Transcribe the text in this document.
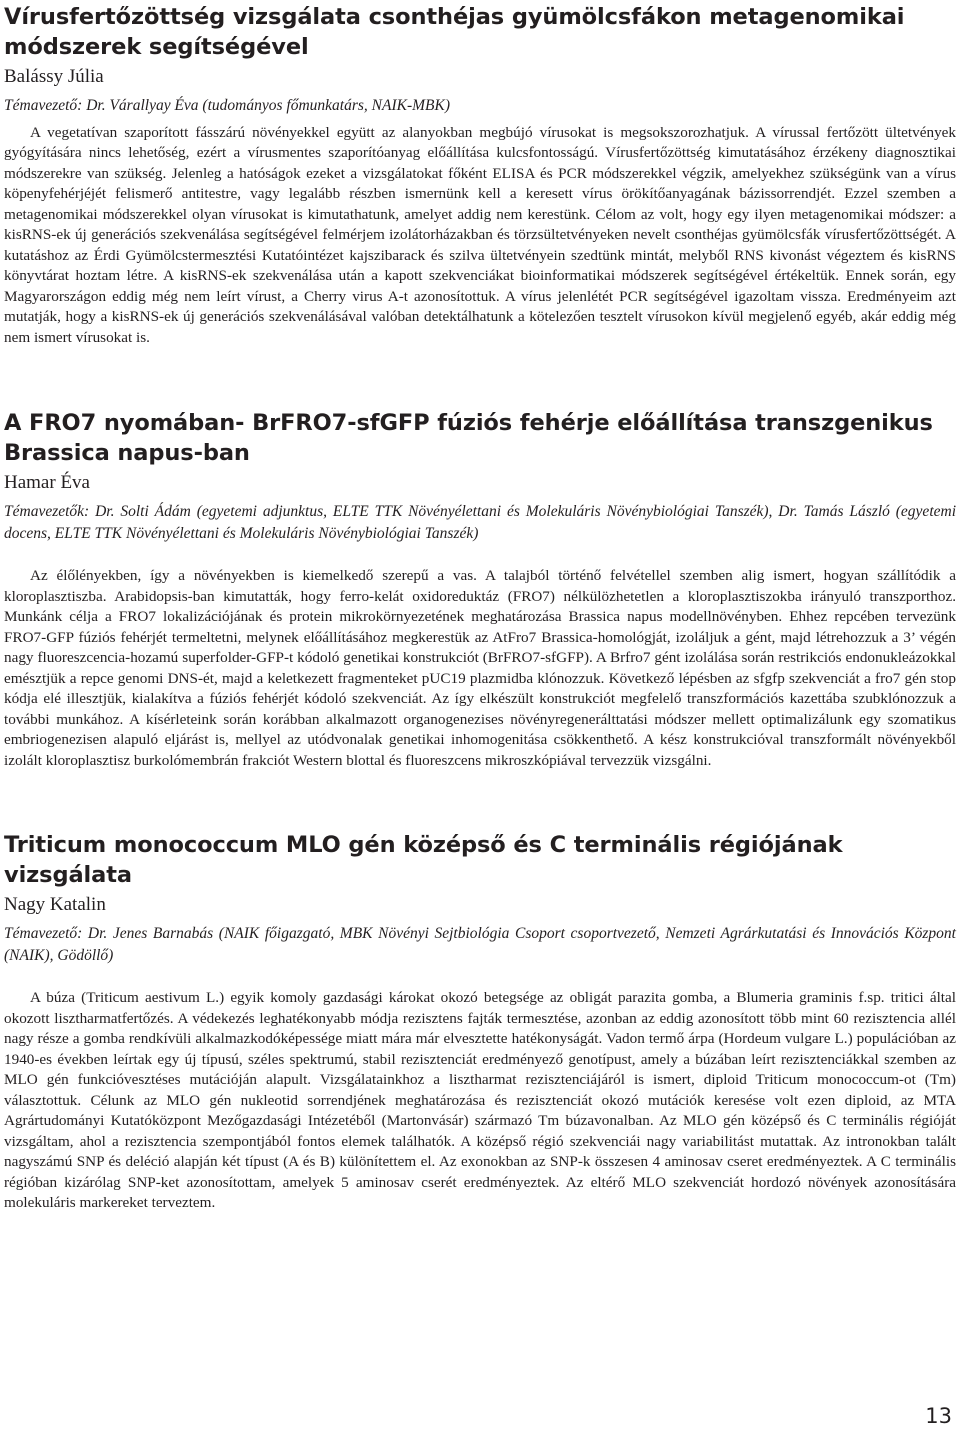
Vírusfertőzöttség vizsgálata csonthéjas gyümölcsfákon metagenomikai módszerek segítségével

Balássy Júlia

Témavezető: Dr. Várallyay Éva (tudományos főmunkatárs, NAIK-MBK)

A vegetatívan szaporított fásszárú növényekkel együtt az alanyokban megbújó vírusokat is megsokszorozhatjuk. A vírussal fertőzött ültetvények gyógyítására nincs lehetőség, ezért a vírusmentes szaporítóanyag előállítása kulcsfontosságú. Vírusfertőzöttség kimutatásához érzékeny diagnosztikai módszerekre van szükség. Jelenleg a hatóságok ezeket a vizsgálatokat főként ELISA és PCR módszerekkel végzik, amelyekhez szükségünk van a vírus köpenyfehérjéjét felismerő antitestre, vagy legalább részben ismernünk kell a keresett vírus örökítőanyagának bázissorrendjét. Ezzel szemben a metagenomikai módszerekkel olyan vírusokat is kimutathatunk, amelyet addig nem kerestünk. Célom az volt, hogy egy ilyen metagenomikai módszer: a kisRNS-ek új generációs szekvenálása segítségével felmérjem izolátorházakban és törzsültetvényeken nevelt csonthéjas gyümölcsfák vírusfertőzöttségét. A kutatáshoz az Érdi Gyümölcstermesztési Kutatóintézet kajszibarack és szilva ültetvényein szedtünk mintát, melyből RNS kivonást végeztem és kisRNS könyvtárat hoztam létre. A kisRNS-ek szekvenálása után a kapott szekvenciákat bioinformatikai módszerek segítségével értékeltük. Ennek során, egy Magyarországon eddig még nem leírt vírust, a Cherry virus A-t azonosítottuk. A vírus jelenlétét PCR segítségével igazoltam vissza. Eredményeim azt mutatják, hogy a kisRNS-ek új generációs szekvenálásával valóban detektálhatunk a kötelezően tesztelt vírusokon kívül megjelenő egyéb, akár eddig még nem ismert vírusokat is.

A FRO7 nyomában- BrFRO7-sfGFP fúziós fehérje előállítása transzgenikus Brassica napus-ban

Hamar Éva

Témavezetők: Dr. Solti Ádám (egyetemi adjunktus, ELTE TTK Növényélettani és Molekuláris Növénybiológiai Tanszék), Dr. Tamás László (egyetemi docens, ELTE TTK Növényélettani és Molekuláris Növénybiológiai Tanszék)

Az élőlényekben, így a növényekben is kiemelkedő szerepű a vas. A talajból történő felvétellel szemben alig ismert, hogyan szállítódik a kloroplasztiszba. Arabidopsis-ban kimutatták, hogy ferro-kelát oxidoreduktáz (FRO7) nélkülözhetetlen a kloroplasztiszokba irányuló transzporthoz. Munkánk célja a FRO7 lokalizációjának és protein mikrokörnyezetének meghatározása Brassica napus modellnövényben. Ehhez repcében tervezünk FRO7-GFP fúziós fehérjét termeltetni, melynek előállításához megkerestük az AtFro7 Brassica-homológját, izoláljuk a gént, majd létrehozzuk a 3’ végén nagy fluoreszcencia-hozamú superfolder-GFP-t kódoló genetikai konstrukciót (BrFRO7-sfGFP). A Brfro7 gént izolálása során restrikciós endonukleázokkal emésztjük a repce genomi DNS-ét, majd a keletkezett fragmenteket pUC19 plazmidba klónozzuk. Következő lépésben az sfgfp szekvenciát a fro7 gén stop kódja elé illesztjük, kialakítva a fúziós fehérjét kódoló szekvenciát. Az így elkészült konstrukciót megfelelő transzformációs kazettába szubklónozzuk a további munkához. A kísérleteink során korábban alkalmazott organogenezises növényregenerálttatási módszer mellett optimalizálunk egy szomatikus embriogenezisen alapuló eljárást is, mellyel az utódvonalak genetikai inhomogenitása csökkenthető. A kész konstrukcióval transzformált növényekből izolált kloroplasztisz burkolómembrán frakciót Western blottal és fluoreszcens mikroszkópiával tervezzük vizsgálni.

Triticum monococcum MLO gén középső és C terminális régiójának vizsgálata

Nagy Katalin

Témavezető: Dr. Jenes Barnabás (NAIK főigazgató, MBK Növényi Sejtbiológia Csoport csoportvezető, Nemzeti Agrárkutatási és Innovációs Központ (NAIK), Gödöllő)

A búza (Triticum aestivum L.) egyik komoly gazdasági károkat okozó betegsége az obligát parazita gomba, a Blumeria graminis f.sp. tritici által okozott lisztharmatfertőzés. A védekezés leghatékonyabb módja rezisztens fajták termesztése, azonban az eddig azonosított több mint 60 rezisztencia allél nagy része a gomba rendkívüli alkalmazkodóképessége miatt mára már elvesztette hatékonyságát. Vadon termő árpa (Hordeum vulgare L.) populációban az 1940-es években leírtak egy új típusú, széles spektrumú, stabil rezisztenciát eredményező genotípust, amely a búzában leírt rezisztenciákkal szemben az MLO gén funkcióvesztéses mutációján alapult. Vizsgálatainkhoz a lisztharmat rezisztenciájáról is ismert, diploid Triticum monococcum-ot (Tm) választottuk. Célunk az MLO gén nukleotid sorrendjének meghatározása és rezisztenciát okozó mutációk keresése volt ezen diploid, az MTA Agrártudományi Kutatóközpont Mezőgazdasági Intézetéből (Martonvásár) származó Tm búzavonalban. Az MLO gén középső és C terminális régióját vizsgáltam, ahol a rezisztencia szempontjából fontos elemek találhatók. A középső régió szekvenciái nagy variabilitást mutattak. Az intronokban talált nagyszámú SNP és deléció alapján két típust (A és B) különítettem el. Az exonokban az SNP-k összesen 4 aminosav cseret eredményeztek. A C terminális régióban kizárólag SNP-ket azonosítottam, amelyek 5 aminosav cserét eredményeztek. Az eltérő MLO szekvenciát hordozó növények azonosítására molekuláris markereket terveztem.

13
